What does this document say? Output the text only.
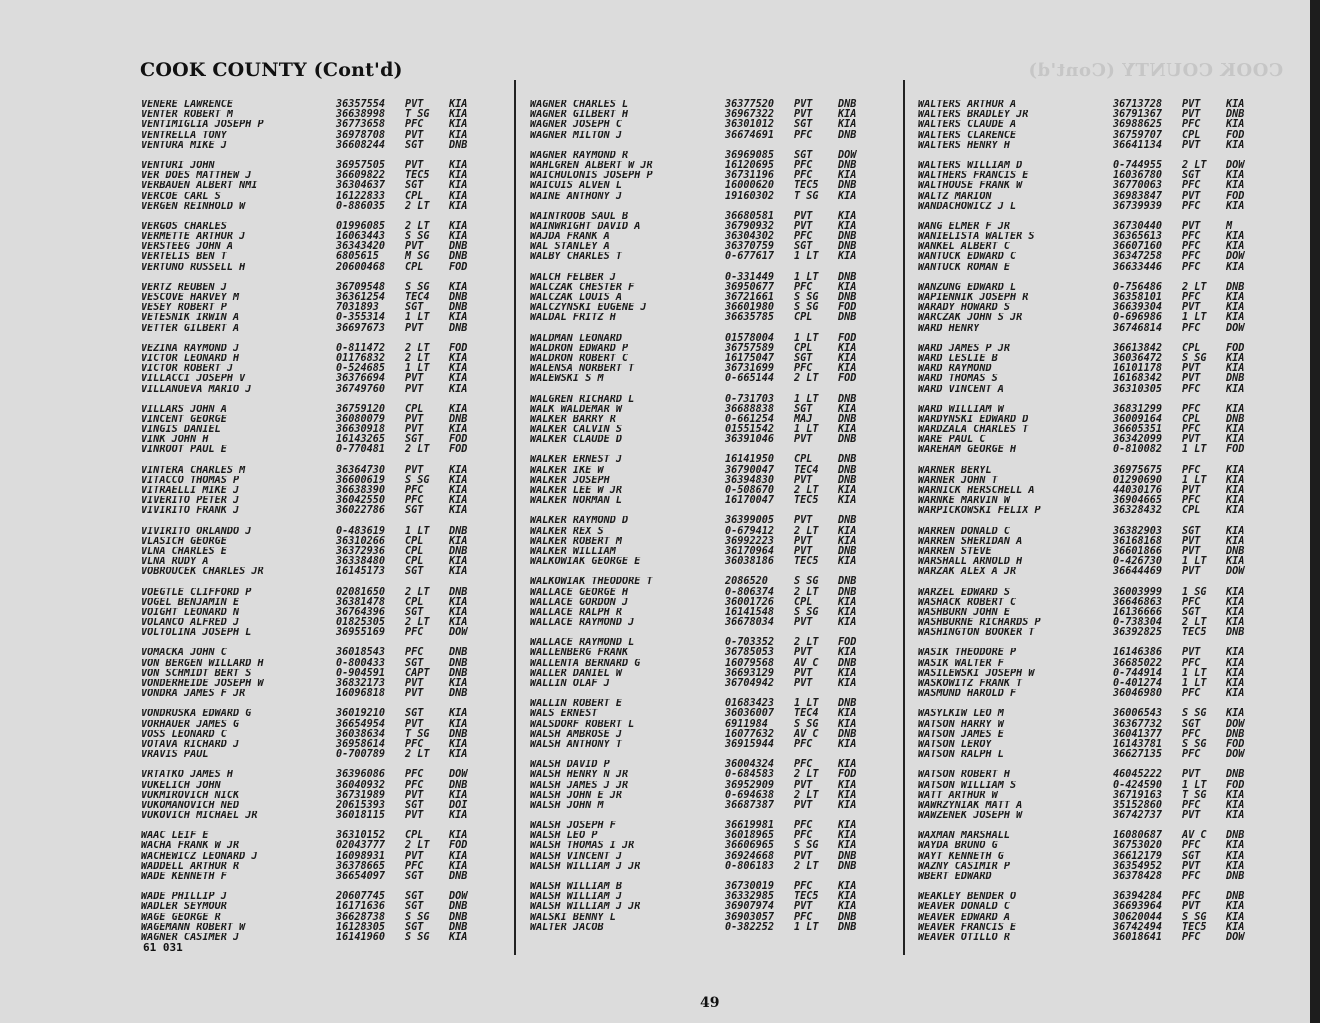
COOK COUNTY (Cont'd)
COOK COUNTY (Cont'd)
VENERE LAWRENCE	36357554	PVT	KIA
VENTER ROBERT M	36638998	T SG	KIA
VENTIMIGLIA JOSEPH P	36773658	PFC	KIA
VENTRELLA TONY	36978708	PVT	KIA
VENTURA MIKE J	36608244	SGT	DNB
VENTURI JOHN	36957505	PVT	KIA
VER DOES MATTHEW J	36609822	TEC5	KIA
VERBAUEN ALBERT NMI	36304637	SGT	KIA
VERCOE CARL S	16122833	CPL	KIA
VERGEN REINHOLD W	0-886035	2 LT	KIA
VERGOS CHARLES	01996085	2 LT	KIA
VERMETTE ARTHUR J	16063443	S SG	KIA
VERSTEEG JOHN A	36343420	PVT	DNB
VERTELIS BEN T	6805615	M SG	DNB
VERTUNO RUSSELL H	20600468	CPL	FOD
VERTZ REUBEN J	36709548	S SG	KIA
VESCOVE HARVEY M	36361254	TEC4	DNB
VESEY ROBERT P	7031893	SGT	DNB
VETESNIK IRWIN A	0-355314	1 LT	KIA
VETTER GILBERT A	36697673	PVT	DNB
VEZINA RAYMOND J	0-811472	2 LT	FOD
VICTOR LEONARD H	01176832	2 LT	KIA
VICTOR ROBERT J	0-524685	1 LT	KIA
VILLACCI JOSEPH V	36376694	PVT	KIA
VILLANUEVA MARIO J	36749760	PVT	KIA
VILLARS JOHN A	36759120	CPL	KIA
VINCENT GEORGE	36080079	PVT	DNB
VINGIS DANIEL	36630918	PVT	KIA
VINK JOHN H	16143265	SGT	FOD
VINROOT PAUL E	0-770481	2 LT	FOD
VINTERA CHARLES M	36364730	PVT	KIA
VITACCO THOMAS P	36600619	S SG	KIA
VITRAELLI MIKE J	36638390	PFC	KIA
VIVERITO PETER J	36042550	PFC	KIA
VIVIRITO FRANK J	36022786	SGT	KIA
VIVIRITO ORLANDO J	0-483619	1 LT	DNB
VLASICH GEORGE	36310266	CPL	KIA
VLNA CHARLES E	36372936	CPL	DNB
VLNA RUDY A	36338480	CPL	KIA
VOBROUCEK CHARLES JR	16145173	SGT	KIA
VOEGTLE CLIFFORD P	02081650	2 LT	DNB
VOGEL BENJAMIN E	36381478	CPL	KIA
VOIGHT LEONARD N	36764396	SGT	KIA
VOLANCO ALFRED J	01825305	2 LT	KIA
VOLTOLINA JOSEPH L	36955169	PFC	DOW
VOMACKA JOHN C	36018543	PFC	DNB
VON BERGEN WILLARD H	0-800433	SGT	DNB
VON SCHMIDT BERT S	0-904591	CAPT	DNB
VONDERHEIDE JOSEPH W	36832173	PVT	KIA
VONDRA JAMES F JR	16096818	PVT	DNB
VONDRUSKA EDWARD G	36019210	SGT	KIA
VORHAUER JAMES G	36654954	PVT	KIA
VOSS LEONARD C	36038634	T SG	DNB
VOTAVA RICHARD J	36958614	PFC	KIA
VRAVIS PAUL	0-700789	2 LT	KIA
VRTATKO JAMES H	36396086	PFC	DOW
VUKELICH JOHN	36040932	PFC	DNB
VUKMIROVICH NICK	36731989	PVT	KIA
VUKOMANOVICH NED	20615393	SGT	DOI
VUKOVICH MICHAEL JR	36018115	PVT	KIA
WAAC LEIF E	36310152	CPL	KIA
WACHA FRANK W JR	02043777	2 LT	FOD
WACHEWICZ LEONARD J	16098931	PVT	KIA
WADDELL ARTHUR R	36378665	PFC	KIA
WADE KENNETH F	36654097	SGT	DNB
WADE PHILLIP J	20607745	SGT	DOW
WADLER SEYMOUR	16171636	SGT	DNB
WAGE GEORGE R	36628738	S SG	DNB
WAGEMANN ROBERT W	16128305	SGT	DNB
WAGNER CASIMER J	16141960	S SG	KIA
WAGNER CHARLES L	36377520	PVT	DNB
WAGNER GILBERT H	36967322	PVT	KIA
WAGNER JOSEPH C	36301012	SGT	KIA
WAGNER MILTON J	36674691	PFC	DNB
WAGNER RAYMOND R	36969085	SGT	DOW
WAHLGREN ALBERT W JR	16120695	PFC	DNB
WAICHULONIS JOSEPH P	36731196	PFC	KIA
WAICUIS ALVEN L	16000620	TEC5	DNB
WAINE ANTHONY J	19160302	T SG	KIA
WAINTROOB SAUL B	36680581	PVT	KIA
WAINWRIGHT DAVID A	36790932	PVT	KIA
WAJDA FRANK A	36304302	PFC	DNB
WAL STANLEY A	36370759	SGT	DNB
WALBY CHARLES T	0-677617	1 LT	KIA
WALCH FELBER J	0-331449	1 LT	DNB
WALCZAK CHESTER F	36950677	PFC	KIA
WALCZAK LOUIS A	36721661	S SG	DNB
WALCZYNSKI EUGENE J	36601980	S SG	FOD
WALDAL FRITZ H	36635785	CPL	DNB
WALDMAN LEONARD	01578004	1 LT	FOD
WALDRON EDWARD P	36757589	CPL	KIA
WALDRON ROBERT C	16175047	SGT	KIA
WALENSA NORBERT T	36731699	PFC	KIA
WALEWSKI S M	0-665144	2 LT	FOD
WALGREN RICHARD L	0-731703	1 LT	DNB
WALK WALDEMAR W	36688838	SGT	KIA
WALKER BARRY R	0-661254	MAJ	DNB
WALKER CALVIN S	01551542	1 LT	KIA
WALKER CLAUDE D	36391046	PVT	DNB
WALKER ERNEST J	16141950	CPL	DNB
WALKER IKE W	36790047	TEC4	DNB
WALKER JOSEPH	36394830	PVT	DNB
WALKER LEE W JR	0-508670	2 LT	KIA
WALKER NORMAN L	16170047	TEC5	KIA
WALKER RAYMOND D	36399005	PVT	DNB
WALKER REX S	0-679412	2 LT	KIA
WALKER ROBERT M	36992223	PVT	KIA
WALKER WILLIAM	36170964	PVT	DNB
WALKOWIAK GEORGE E	36038186	TEC5	KIA
WALKOWIAK THEODORE T	2086520	S SG	DNB
WALLACE GEORGE H	0-806374	2 LT	DNB
WALLACE GORDON J	36001726	CPL	KIA
WALLACE RALPH R	16141548	S SG	KIA
WALLACE RAYMOND J	36678034	PVT	KIA
WALLACE RAYMOND L	0-703352	2 LT	FOD
WALLENBERG FRANK	36785053	PVT	KIA
WALLENTA BERNARD G	16079568	AV C	DNB
WALLER DANIEL W	36693129	PVT	KIA
WALLIN OLAF J	36704942	PVT	KIA
WALLIN ROBERT E	01683423	1 LT	DNB
WALS ERNEST	36036007	TEC4	KIA
WALSDORF ROBERT L	6911984	S SG	KIA
WALSH AMBROSE J	16077632	AV C	DNB
WALSH ANTHONY T	36915944	PFC	KIA
WALSH DAVID P	36004324	PFC	KIA
WALSH HENRY N JR	0-684583	2 LT	FOD
WALSH JAMES J JR	36952909	PVT	KIA
WALSH JOHN E JR	0-694638	2 LT	KIA
WALSH JOHN M	36687387	PVT	KIA
WALSH JOSEPH F	36619981	PFC	KIA
WALSH LEO P	36018965	PFC	KIA
WALSH THOMAS I JR	36606965	S SG	KIA
WALSH VINCENT J	36924668	PVT	DNB
WALSH WILLIAM J JR	0-806183	2 LT	DNB
WALSH WILLIAM B	36730019	PFC	KIA
WALSH WILLIAM J	36332985	TEC5	KIA
WALSH WILLIAM J JR	36907974	PVT	KIA
WALSKI BENNY L	36903057	PFC	DNB
WALTER JACOB	0-382252	1 LT	DNB
WALTERS ARTHUR A	36713728	PVT	KIA
WALTERS BRADLEY JR	36791367	PVT	DNB
WALTERS CLAUDE A	36988625	PFC	KIA
WALTERS CLARENCE	36759707	CPL	FOD
WALTERS HENRY H	36641134	PVT	KIA
WALTERS WILLIAM D	0-744955	2 LT	DOW
WALTHERS FRANCIS E	16036780	SGT	KIA
WALTHOUSE FRANK W	36770063	PFC	KIA
WALTZ MARION	36983847	PVT	FOD
WANDACHOWICZ J L	36739939	PFC	KIA
WANG ELMER F JR	36730440	PVT	M
WANIELISTA WALTER S	36365613	PFC	KIA
WANKEL ALBERT C	36607160	PFC	KIA
WANTUCK EDWARD C	36347258	PFC	DOW
WANTUCK ROMAN E	36633446	PFC	KIA
WANZUNG EDWARD L	0-756486	2 LT	DNB
WAPIENNIK JOSEPH R	36358101	PFC	KIA
WARADY HOWARD S	36639304	PVT	KIA
WARCZAK JOHN S JR	0-696986	1 LT	KIA
WARD HENRY	36746814	PFC	DOW
WARD JAMES P JR	36613842	CPL	FOD
WARD LESLIE B	36036472	S SG	KIA
WARD RAYMOND	16101178	PVT	KIA
WARD THOMAS S	16168342	PVT	DNB
WARD VINCENT A	36310305	PFC	KIA
WARD WILLIAM W	36831299	PFC	KIA
WARDYNSKI EDWARD D	36009164	CPL	DNB
WARDZALA CHARLES T	36605351	PFC	KIA
WARE PAUL C	36342099	PVT	KIA
WAREHAM GEORGE H	0-810082	1 LT	FOD
WARNER BERYL	36975675	PFC	KIA
WARNER JOHN T	01290690	1 LT	KIA
WARNICK HERSCHELL A	44030176	PVT	KIA
WARNKE MARVIN W	36904665	PFC	KIA
WARPICKOWSKI FELIX P	36328432	CPL	KIA
WARREN DONALD C	36382903	SGT	KIA
WARREN SHERIDAN A	36168168	PVT	KIA
WARREN STEVE	36601866	PVT	DNB
WARSHALL ARNOLD H	0-426730	1 LT	KIA
WARZAK ALEX A JR	36644469	PVT	DOW
WARZEL EDWARD S	36003999	1 SG	KIA
WASHACK ROBERT C	36646863	PFC	KIA
WASHBURN JOHN E	16136666	SGT	KIA
WASHBURNE RICHARDS P	0-738304	2 LT	KIA
WASHINGTON BOOKER T	36392825	TEC5	DNB
WASIK THEODORE P	16146386	PVT	KIA
WASIK WALTER F	36685022	PFC	KIA
WASILEWSKI JOSEPH W	0-744914	1 LT	KIA
WASKOWITZ FRANK T	0-401274	1 LT	KIA
WASMUND HAROLD F	36046980	PFC	KIA
WASYLKIW LEO M	36006543	S SG	KIA
WATSON HARRY W	36367732	SGT	DOW
WATSON JAMES E	36041377	PFC	DNB
WATSON LEROY	16143781	S SG	FOD
WATSON RALPH L	36627135	PFC	DOW
WATSON ROBERT H	46045222	PVT	DNB
WATSON WILLIAM S	0-424590	1 LT	FOD
WATT ARTHUR W	36719163	T SG	KIA
WAWRZYNIAK MATT A	35152860	PFC	KIA
WAWZENEK JOSEPH W	36742737	PVT	KIA
WAXMAN MARSHALL	16080687	AV C	DNB
WAYDA BRUNO G	36753020	PFC	KIA
WAYT KENNETH G	36612179	SGT	KIA
WAZNY CASIMIR P	36354952	PVT	KIA
WBERT EDWARD	36378428	PFC	DNB
WEAKLEY BENDER O	36394284	PFC	DNB
WEAVER DONALD C	36693964	PVT	KIA
WEAVER EDWARD A	30620044	S SG	KIA
WEAVER FRANCIS E	36742494	TEC5	KIA
WEAVER OTILLO R	36018641	PFC	DOW
61 031
49
